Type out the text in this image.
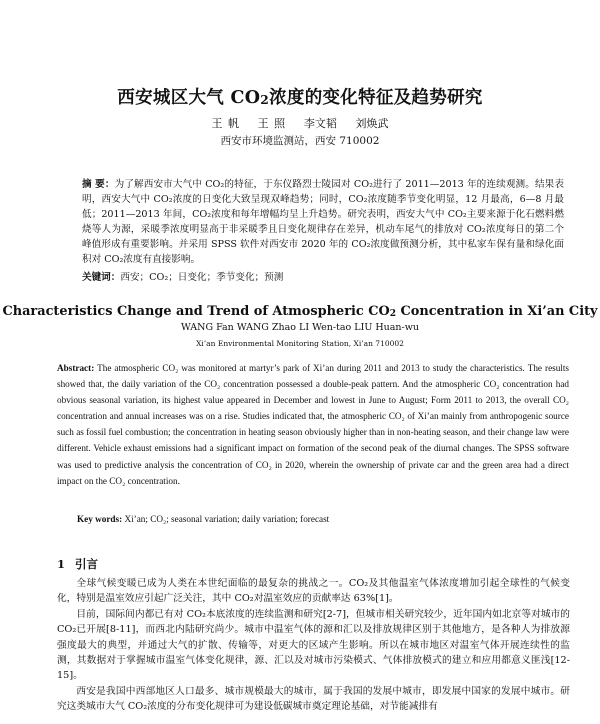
西安城区大气 $CO_2$浓度的变化特征及趋势研究
王 帆 王 照 李文韬 刘焕武
西安市环境监测站，西安 710002
摘 要：为了解西安市大气中 CO₂的特征，于东仪路烈士陵园对 CO₂进行了 2011—2013 年的连续观测。结果表明，西安大气中 CO₂浓度的日变化大致呈现双峰趋势；同时，CO₂浓度随季节变化明显，12 月最高，6—8 月最低；2011—2013 年间，CO₂浓度和每年增幅均呈上升趋势。研究表明，西安大气中 CO₂主要来源于化石燃料燃烧等人为源，采暖季浓度明显高于非采暖季且日变化规律存在差异，机动车尾气的排放对 CO₂浓度每日的第二个峰值形成有重要影响。并采用 SPSS 软件对西安市 2020 年的 CO₂浓度做预测分析，其中私家车保有量和绿化面积对 CO₂浓度有直接影响。
关键词：西安；CO₂；日变化；季节变化；预测
Characteristics Change and Trend of Atmospheric $CO_2$ Concentration in Xi’an City
WANG Fan WANG Zhao LI Wen-tao LIU Huan-wu
Xi’an Environmental Monitoring Station, Xi’an 710002
Abstract: The atmospheric CO₂ was monitored at martyr’s park of Xi’an during 2011 and 2013 to study the characteristics. The results showed that, the daily variation of the CO₂ concentration possessed a double-peak pattern. And the atmospheric CO₂ concentration had obvious seasonal variation, its highest value appeared in December and lowest in June to August; Form 2011 to 2013, the overall CO₂ concentration and annual increases was on a rise. Studies indicated that, the atmospheric CO₂ of Xi’an mainly from anthropogenic source such as fossil fuel combustion; the concentration in heating season obviously higher than in non-heating season, and their change law were different. Vehicle exhaust emissions had a significant impact on formation of the second peak of the diurnal changes. The SPSS software was used to predictive analysis the concentration of CO₂ in 2020, wherein the ownership of private car and the green area had a direct impact on the CO₂ concentration.
Key words: Xi’an; CO₂; seasonal variation; daily variation; forecast
1 引言

全球气候变暖已成为人类在本世纪面临的最复杂的挑战之一。CO₂及其他温室气体浓度增加引起全球性的气候变化，特别是温室效应引起广泛关注，其中 CO₂对温室效应的贡献率达 63%[1]。

目前，国际间内都已有对 CO₂本底浓度的连续监测和研究[2-7]，但城市相关研究较少，近年国内如北京等对城市的 CO₂已开展[8-11]，而西北内陆研究尚少。城市中温室气体的源和汇以及排放规律区别于其他地方，是各种人为排放源强度最大的典型，并通过大气的扩散、传输等，对更大的区域产生影响。所以在城市地区对温室气体开展连续性的监测，其数据对于掌握城市温室气体变化规律，源、汇以及对城市污染模式、气体排放模式的建立和应用都意义匪浅[12-15]。

西安是我国中西部地区人口最多、城市规模最大的城市，属于我国的发展中城市，即发展中国家的发展中城市。研究这类城市大气 CO₂浓度的分布变化规律可为建设低碳城市奠定理论基础，对节能减排有
